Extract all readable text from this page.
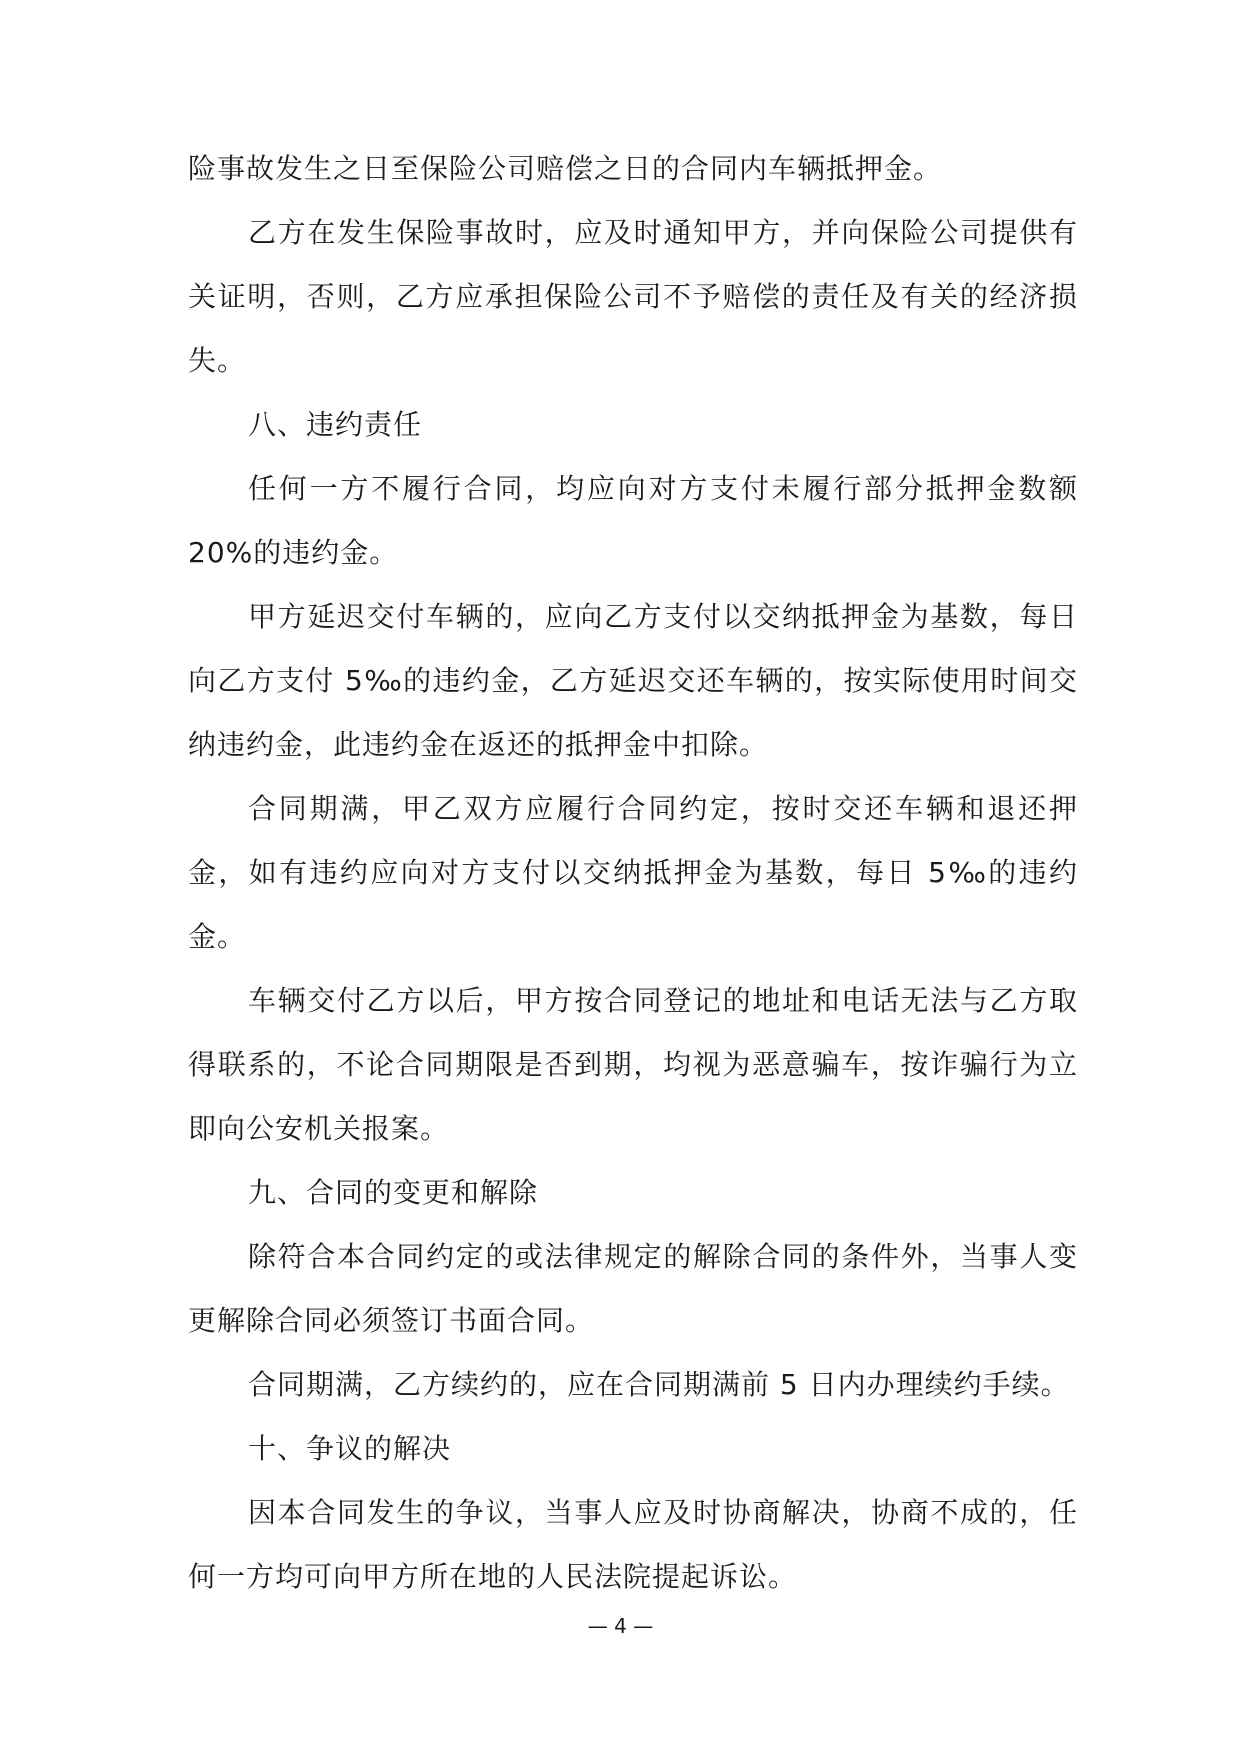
险事故发生之日至保险公司赔偿之日的合同内车辆抵押金。

乙方在发生保险事故时，应及时通知甲方，并向保险公司提供有关证明，否则，乙方应承担保险公司不予赔偿的责任及有关的经济损失。

八、违约责任

任何一方不履行合同，均应向对方支付未履行部分抵押金数额 20%的违约金。

甲方延迟交付车辆的，应向乙方支付以交纳抵押金为基数，每日向乙方支付 5‰的违约金，乙方延迟交还车辆的，按实际使用时间交纳违约金，此违约金在返还的抵押金中扣除。

合同期满，甲乙双方应履行合同约定，按时交还车辆和退还押金，如有违约应向对方支付以交纳抵押金为基数，每日 5‰的违约金。

车辆交付乙方以后，甲方按合同登记的地址和电话无法与乙方取得联系的，不论合同期限是否到期，均视为恶意骗车，按诈骗行为立即向公安机关报案。

九、合同的变更和解除

除符合本合同约定的或法律规定的解除合同的条件外，当事人变更解除合同必须签订书面合同。

合同期满，乙方续约的，应在合同期满前 5 日内办理续约手续。

十、争议的解决

因本合同发生的争议，当事人应及时协商解决，协商不成的，任何一方均可向甲方所在地的人民法院提起诉讼。

— 4 —
